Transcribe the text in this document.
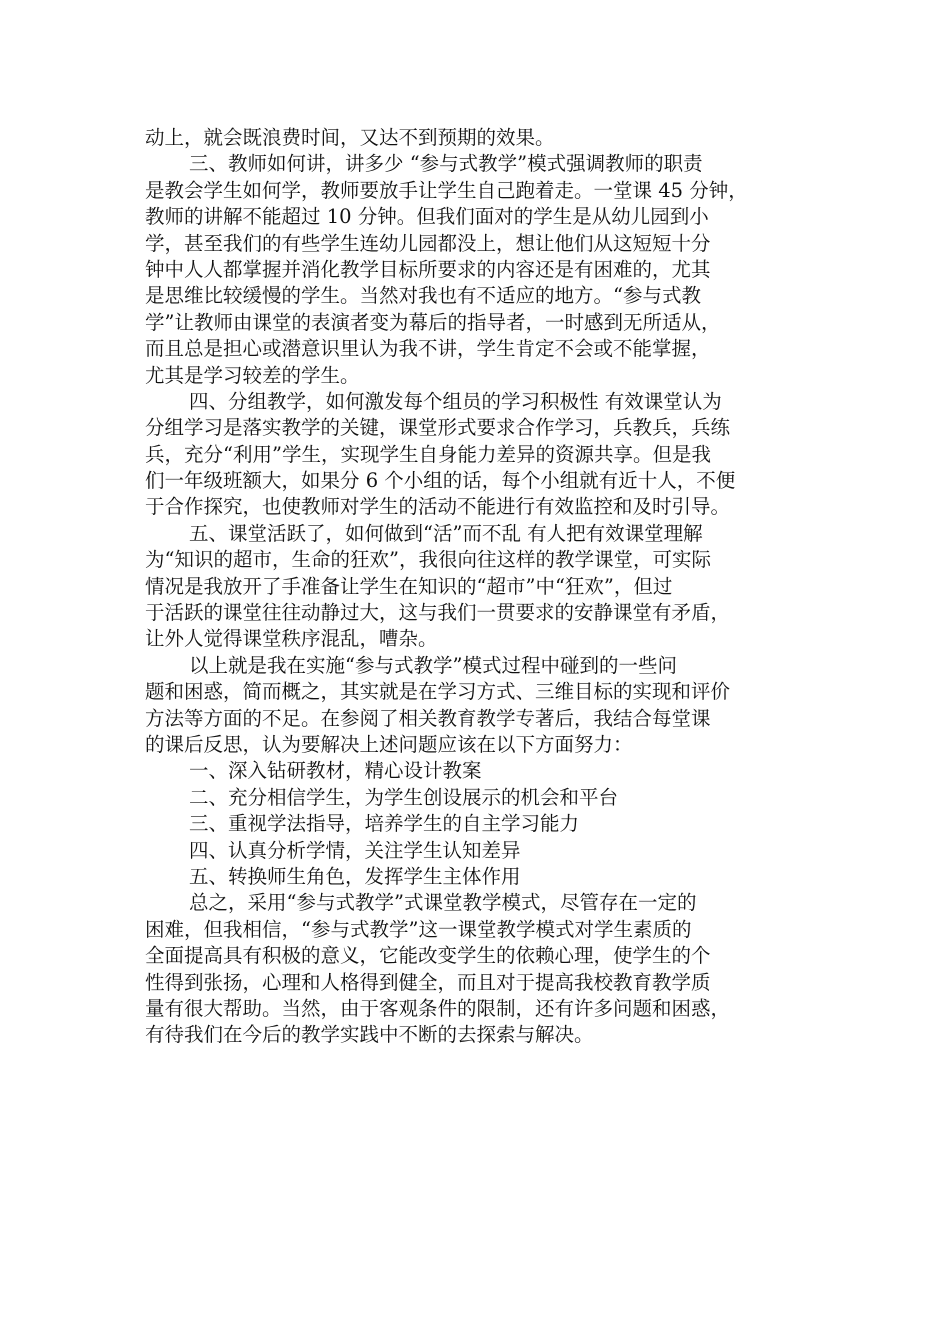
动上，就会既浪费时间，又达不到预期的效果。
三、教师如何讲，讲多少 “参与式教学”模式强调教师的职责
是教会学生如何学，教师要放手让学生自己跑着走。一堂课 45 分钟，
教师的讲解不能超过 10 分钟。但我们面对的学生是从幼儿园到小
学，甚至我们的有些学生连幼儿园都没上，想让他们从这短短十分
钟中人人都掌握并消化教学目标所要求的内容还是有困难的，尤其
是思维比较缓慢的学生。当然对我也有不适应的地方。“参与式教
学”让教师由课堂的表演者变为幕后的指导者，一时感到无所适从，
而且总是担心或潜意识里认为我不讲，学生肯定不会或不能掌握，
尤其是学习较差的学生。
四、分组教学，如何激发每个组员的学习积极性 有效课堂认为
分组学习是落实教学的关键，课堂形式要求合作学习，兵教兵，兵练
兵，充分“利用”学生，实现学生自身能力差异的资源共享。但是我
们一年级班额大，如果分 6 个小组的话，每个小组就有近十人，不便
于合作探究，也使教师对学生的活动不能进行有效监控和及时引导。
五、课堂活跃了，如何做到“活”而不乱 有人把有效课堂理解
为“知识的超市，生命的狂欢”，我很向往这样的教学课堂，可实际
情况是我放开了手准备让学生在知识的“超市”中“狂欢”，但过
于活跃的课堂往往动静过大，这与我们一贯要求的安静课堂有矛盾，
让外人觉得课堂秩序混乱，嘈杂。
以上就是我在实施“参与式教学”模式过程中碰到的一些问
题和困惑，简而概之，其实就是在学习方式、三维目标的实现和评价
方法等方面的不足。在参阅了相关教育教学专著后，我结合每堂课
的课后反思，认为要解决上述问题应该在以下方面努力：
一、深入钻研教材，精心设计教案
二、充分相信学生，为学生创设展示的机会和平台
三、重视学法指导，培养学生的自主学习能力
四、认真分析学情，关注学生认知差异
五、转换师生角色，发挥学生主体作用
总之，采用“参与式教学”式课堂教学模式，尽管存在一定的
困难，但我相信，“参与式教学”这一课堂教学模式对学生素质的
全面提高具有积极的意义，它能改变学生的依赖心理，使学生的个
性得到张扬，心理和人格得到健全，而且对于提高我校教育教学质
量有很大帮助。当然，由于客观条件的限制，还有许多问题和困惑，
有待我们在今后的教学实践中不断的去探索与解决。
